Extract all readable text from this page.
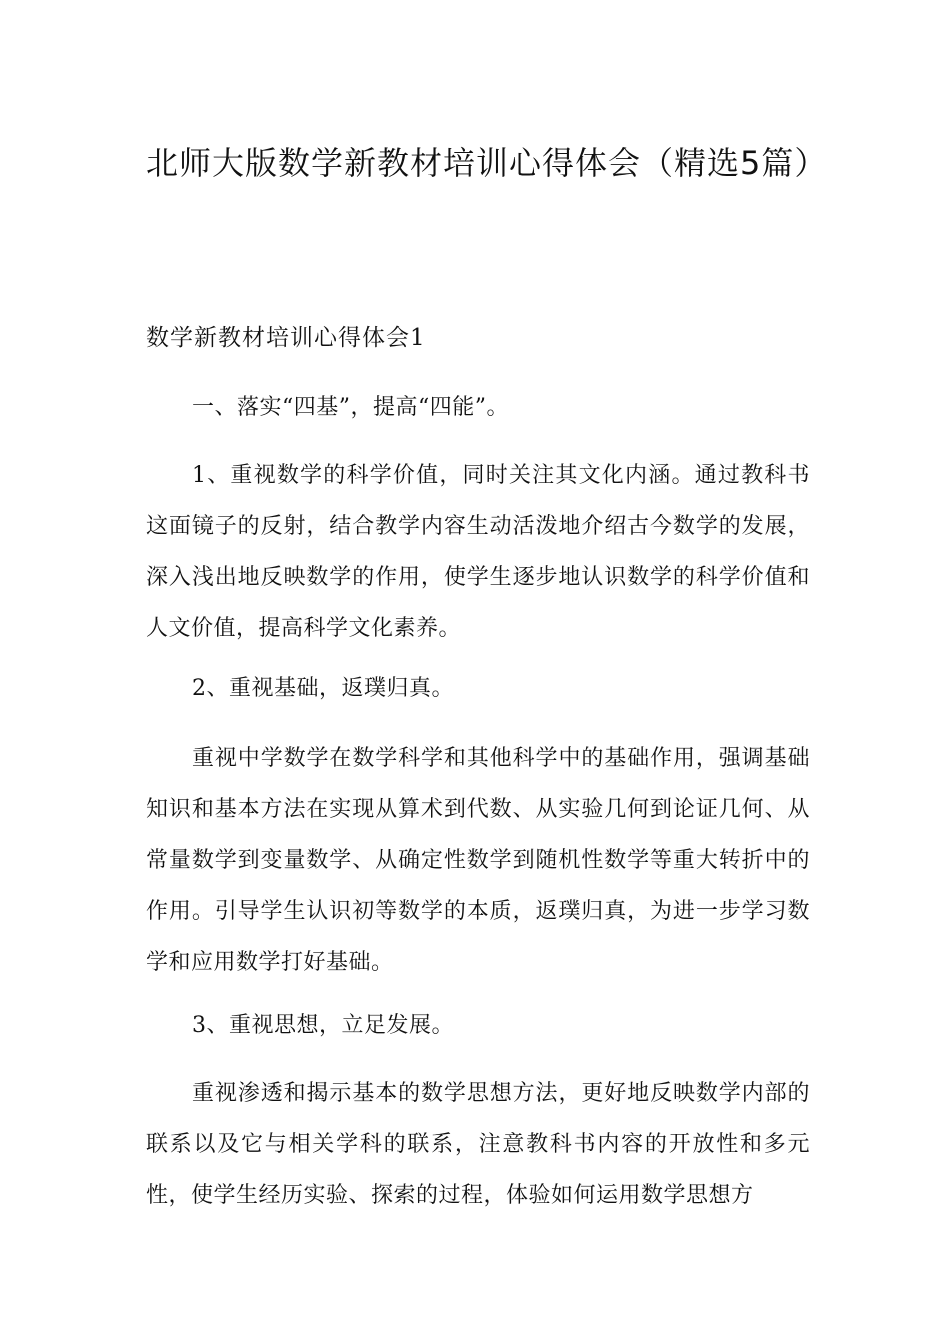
北师大版数学新教材培训心得体会（精选5篇）
数学新教材培训心得体会1

一、落实“四基”，提高“四能”。

1、重视数学的科学价值，同时关注其文化内涵。通过教科书这面镜子的反射，结合教学内容生动活泼地介绍古今数学的发展，深入浅出地反映数学的作用，使学生逐步地认识数学的科学价值和人文价值，提高科学文化素养。

2、重视基础，返璞归真。

重视中学数学在数学科学和其他科学中的基础作用，强调基础知识和基本方法在实现从算术到代数、从实验几何到论证几何、从常量数学到变量数学、从确定性数学到随机性数学等重大转折中的作用。引导学生认识初等数学的本质，返璞归真，为进一步学习数学和应用数学打好基础。

3、重视思想，立足发展。

重视渗透和揭示基本的数学思想方法，更好地反映数学内部的联系以及它与相关学科的联系，注意教科书内容的开放性和多元性，使学生经历实验、探索的过程，体验如何运用数学思想方
